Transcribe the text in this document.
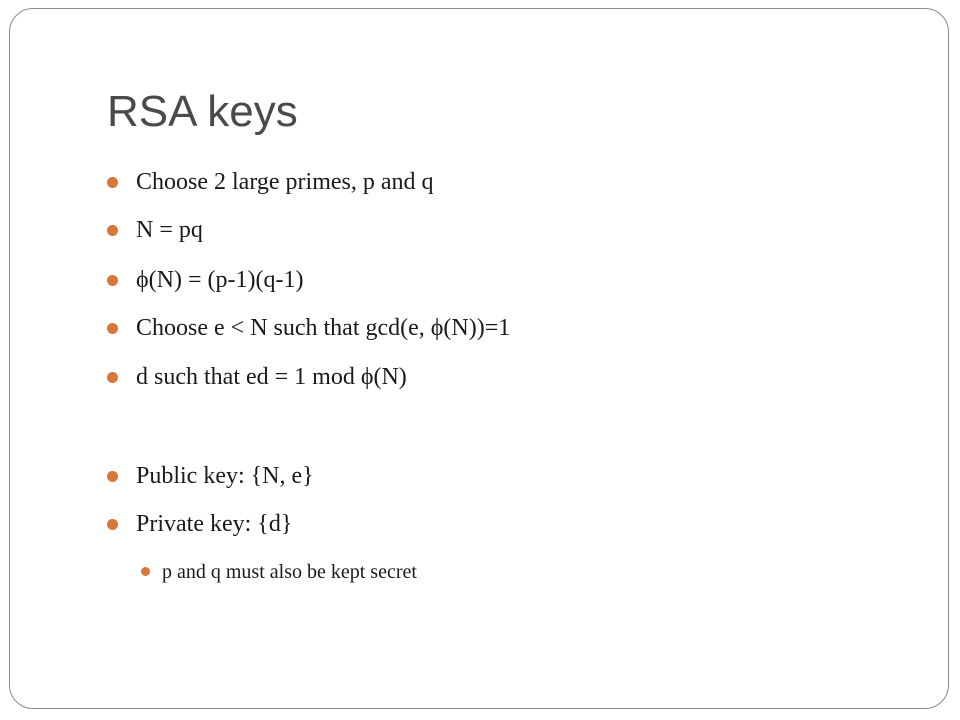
RSA keys
Choose 2 large primes, p and q
N = pq
ϕ(N) = (p-1)(q-1)
Choose e < N such that gcd(e, ϕ(N))=1
d such that ed = 1 mod ϕ(N)
Public key: {N, e}
Private key: {d}
p and q must also be kept secret
